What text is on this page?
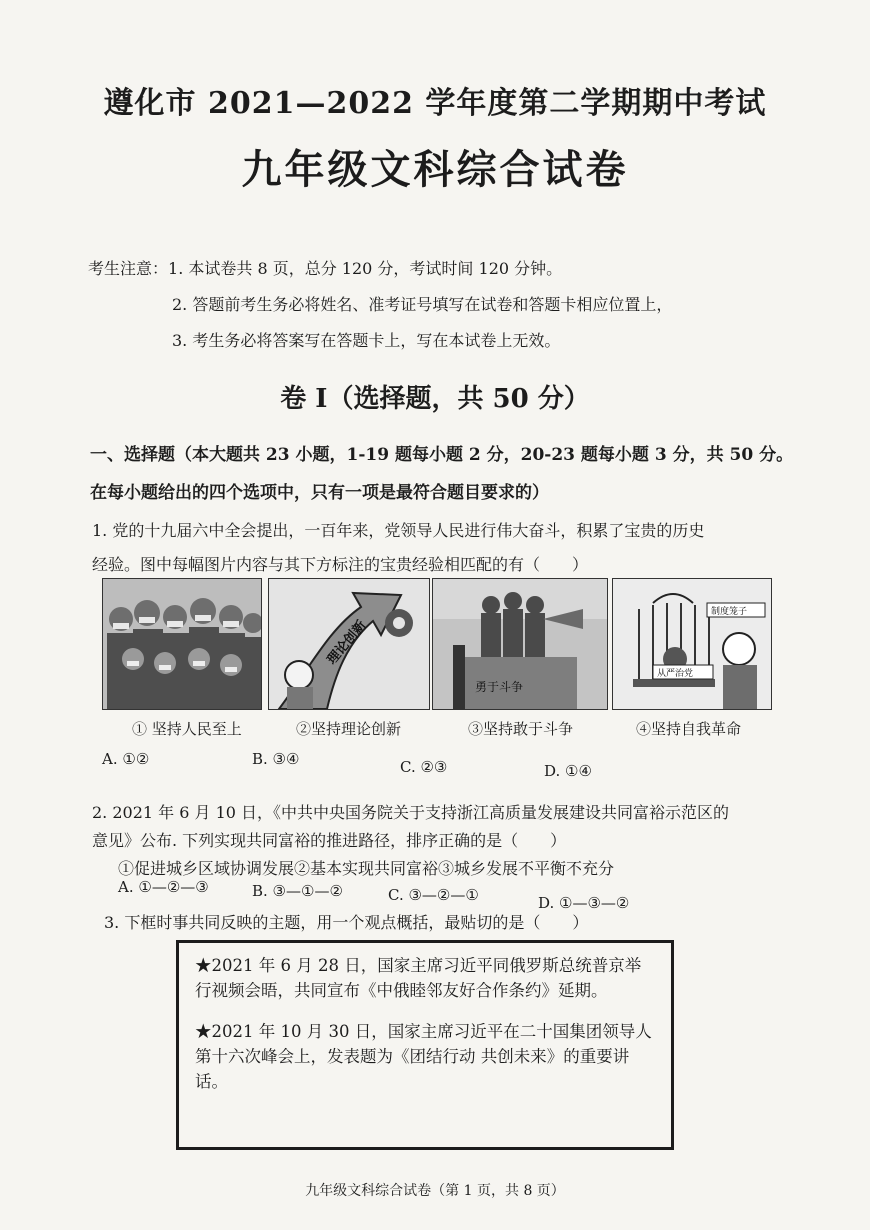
遵化市 2021—2022 学年度第二学期期中考试
九年级文科综合试卷
考生注意：1. 本试卷共 8 页，总分 120 分，考试时间 120 分钟。
2. 答题前考生务必将姓名、准考证号填写在试卷和答题卡相应位置上，
3. 考生务必将答案写在答题卡上，写在本试卷上无效。
卷 I（选择题，共 50 分）
一、选择题（本大题共 23 小题，1-19 题每小题 2 分，20-23 题每小题 3 分，共 50 分。
在每小题给出的四个选项中，只有一项是最符合题目要求的）
1. 党的十九届六中全会提出，一百年来，党领导人民进行伟大奋斗，积累了宝贵的历史
经验。图中每幅图片内容与其下方标注的宝贵经验相匹配的有（　　）
理论创新
勇于斗争
制度笼子
从严治党
① 坚持人民至上	②坚持理论创新	③坚持敢于斗争	④坚持自我革命
A. ①②	B. ③④	C. ②③	D. ①④
2. 2021 年 6 月 10 日，《中共中央国务院关于支持浙江高质量发展建设共同富裕示范区的
意见》公布. 下列实现共同富裕的推进路径，排序正确的是（　　）
①促进城乡区域协调发展②基本实现共同富裕③城乡发展不平衡不充分
A. ①—②—③	B. ③—①—②	C. ③—②—①	D. ①—③—②
3. 下框时事共同反映的主题，用一个观点概括，最贴切的是（　　）

★2021 年 6 月 28 日，国家主席习近平同俄罗斯总统普京举行视频会晤，共同宣布《中俄睦邻友好合作条约》延期。

★2021 年 10 月 30 日，国家主席习近平在二十国集团领导人第十六次峰会上，发表题为《团结行动 共创未来》的重要讲话。

九年级文科综合试卷（第 1 页，共 8 页）
